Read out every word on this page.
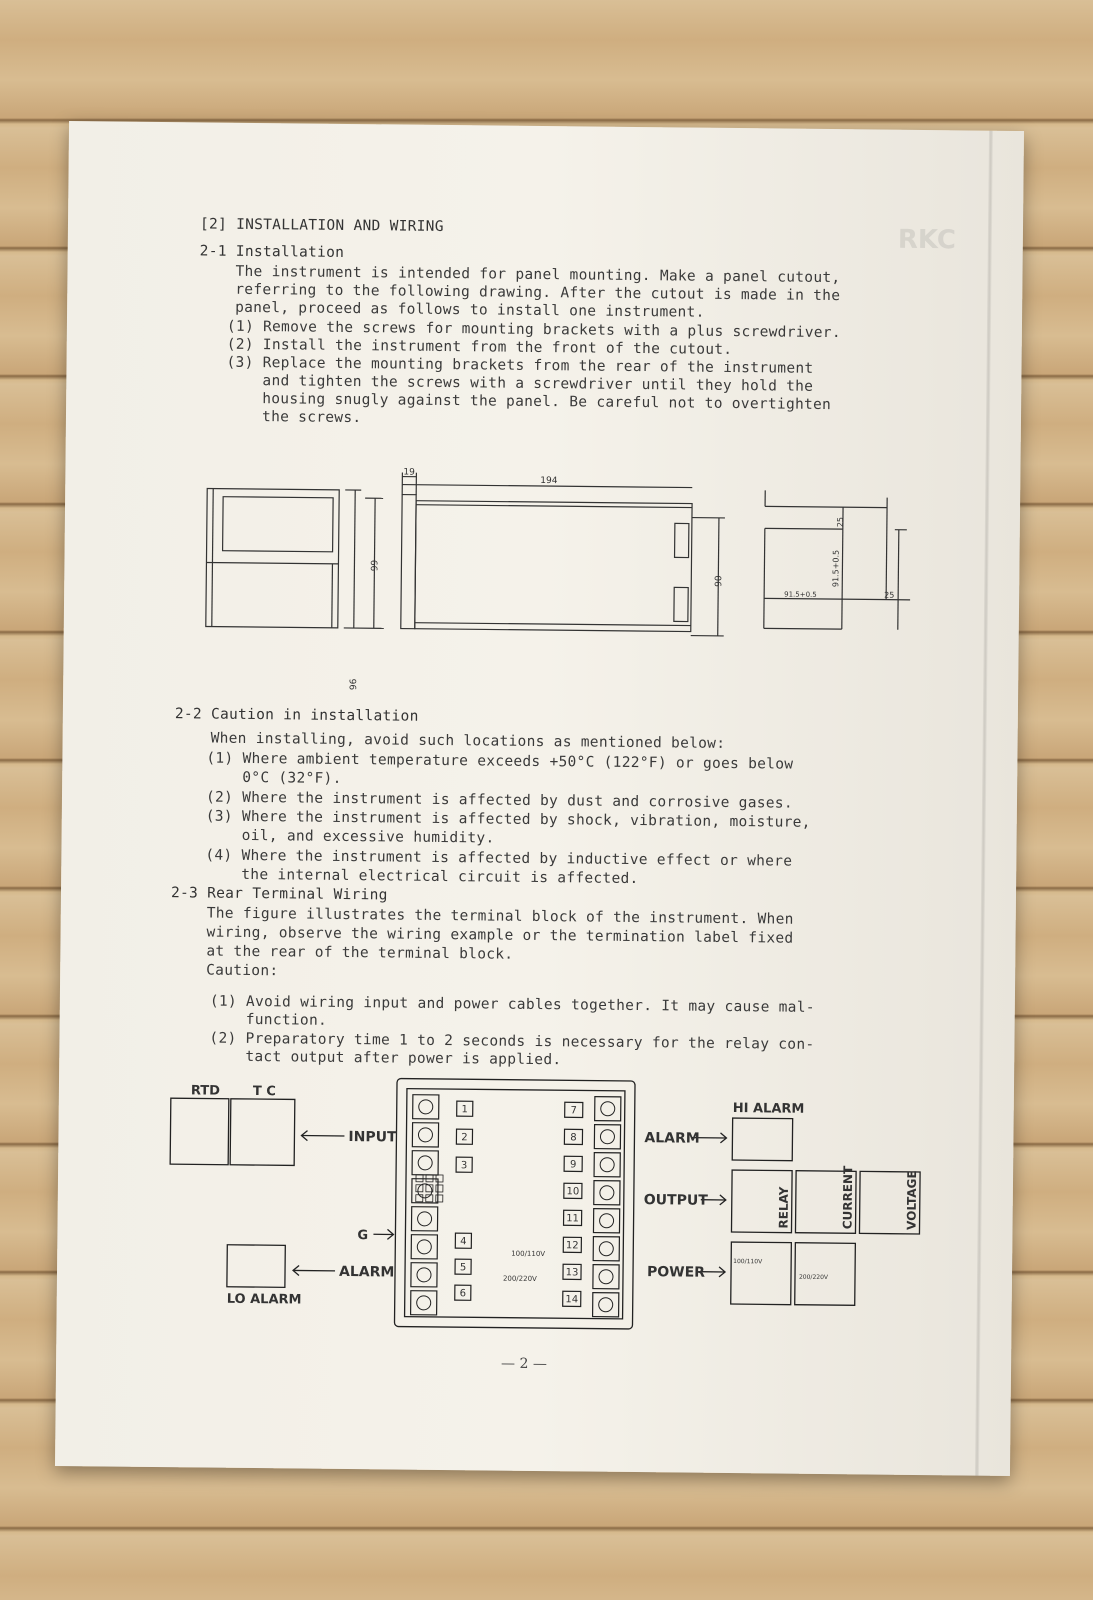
RKC
[2] INSTALLATION AND WIRING
2-1 Installation
The instrument is intended for panel mounting. Make a panel cutout,
referring to the following drawing. After the cutout is made in the
panel, proceed as follows to install one instrument.
(1) Remove the screws for mounting brackets with a plus screwdriver.
(2) Install the instrument from the front of the cutout.
(3) Replace the mounting brackets from the rear of the instrument
and tighten the screws with a screwdriver until they hold the
housing snugly against the panel. Be careful not to overtighten
the screws.
96
99
19
194
90
25
91.5+0.5
91.5+0.5	25
2-2 Caution in installation
When installing, avoid such locations as mentioned below:
(1) Where ambient temperature exceeds +50°C (122°F) or goes below
0°C (32°F).
(2) Where the instrument is affected by dust and corrosive gases.
(3) Where the instrument is affected by shock, vibration, moisture,
oil, and excessive humidity.
(4) Where the instrument is affected by inductive effect or where
the internal electrical circuit is affected.
2-3 Rear Terminal Wiring
The figure illustrates the terminal block of the instrument. When
wiring, observe the wiring example or the termination label fixed
at the rear of the terminal block.
Caution:
(1) Avoid wiring input and power cables together. It may cause mal-
function.
(2) Preparatory time 1 to 2 seconds is necessary for the relay con-
tact output after power is applied.
1
2
3
4
5
6
7
8
9
10
11
12
13
14
RTD	T C
INPUT
ALARM
LO ALARM
G
HI ALARM
ALARM
OUTPUT
POWER
RELAY	CURRENT	VOLTAGE
100/110V
200/220V
100/110V
200/220V
— 2 —
